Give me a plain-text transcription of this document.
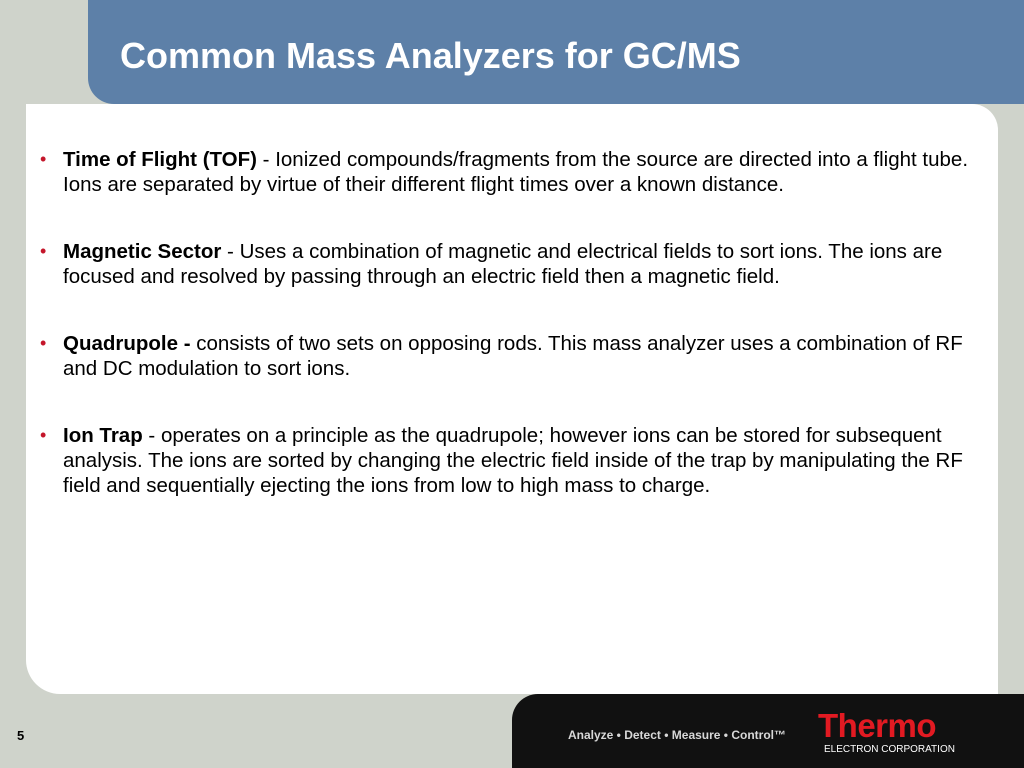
Common Mass Analyzers for GC/MS
• Time of Flight (TOF) - Ionized compounds/fragments from the source are directed into a flight tube. Ions are separated by virtue of their different flight times over a known distance.
• Magnetic Sector - Uses a combination of magnetic and electrical fields to sort ions. The ions are focused and resolved by passing through an electric field then a magnetic field.
• Quadrupole - consists of two sets on opposing rods. This mass analyzer uses a combination of RF and DC modulation to sort ions.
• Ion Trap - operates on a principle as the quadrupole; however ions can be stored for subsequent analysis. The ions are sorted by changing the electric field inside of the trap by manipulating the RF field and sequentially ejecting the ions from low to high mass to charge.
Analyze • Detect • Measure • Control™ Thermo
ELECTRON CORPORATION
5
